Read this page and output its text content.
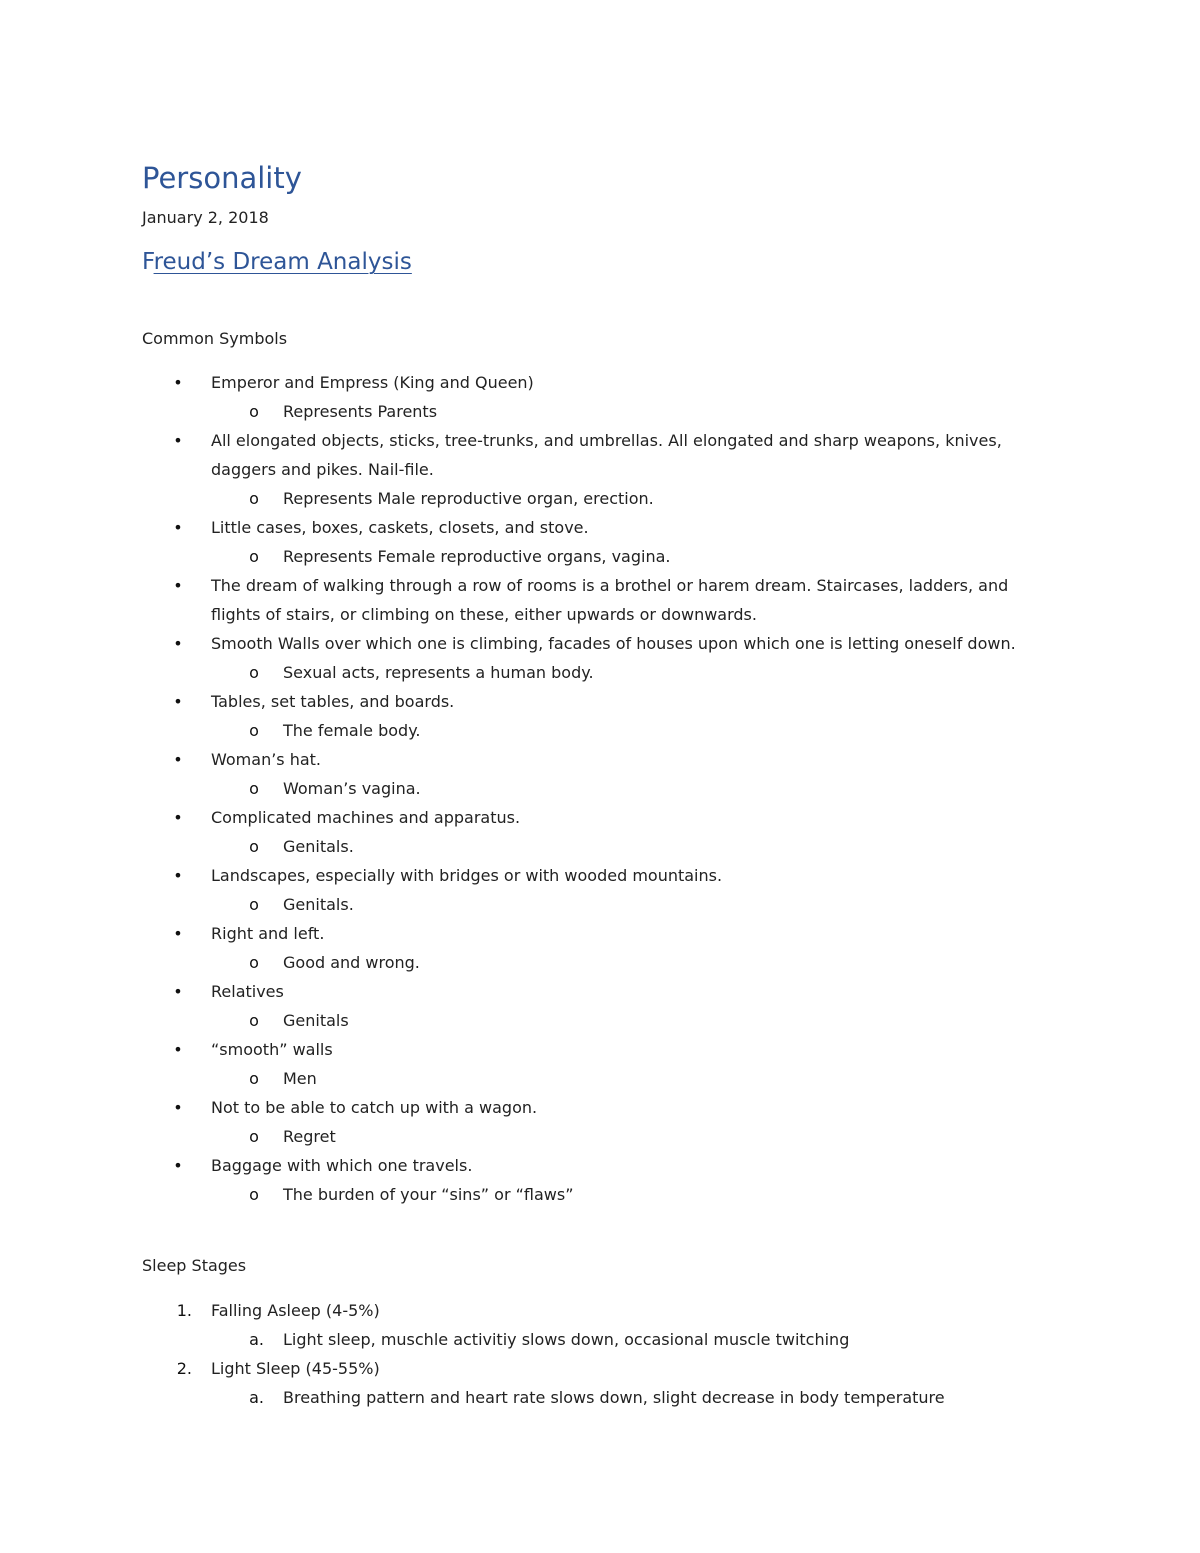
Personality
January 2, 2018
Freud’s Dream Analysis
Common Symbols
•	Emperor and Empress (King and Queen)
o	Represents Parents
•	All elongated objects, sticks, tree-trunks, and umbrellas. All elongated and sharp weapons, knives, daggers and pikes. Nail-file.
o	Represents Male reproductive organ, erection.
•	Little cases, boxes, caskets, closets, and stove.
o	Represents Female reproductive organs, vagina.
•	The dream of walking through a row of rooms is a brothel or harem dream. Staircases, ladders, and flights of stairs, or climbing on these, either upwards or downwards.
•	Smooth Walls over which one is climbing, facades of houses upon which one is letting oneself down.
o	Sexual acts, represents a human body.
•	Tables, set tables, and boards.
o	The female body.
•	Woman’s hat.
o	Woman’s vagina.
•	Complicated machines and apparatus.
o	Genitals.
•	Landscapes, especially with bridges or with wooded mountains.
o	Genitals.
•	Right and left.
o	Good and wrong.
•	Relatives
o	Genitals
•	“smooth” walls
o	Men
•	Not to be able to catch up with a wagon.
o	Regret
•	Baggage with which one travels.
o	The burden of your “sins” or “flaws”
Sleep Stages
1. Falling Asleep (4-5%)
a. Light sleep, muschle activitiy slows down, occasional muscle twitching
2. Light Sleep (45-55%)
a. Breathing pattern and heart rate slows down, slight decrease in body temperature
